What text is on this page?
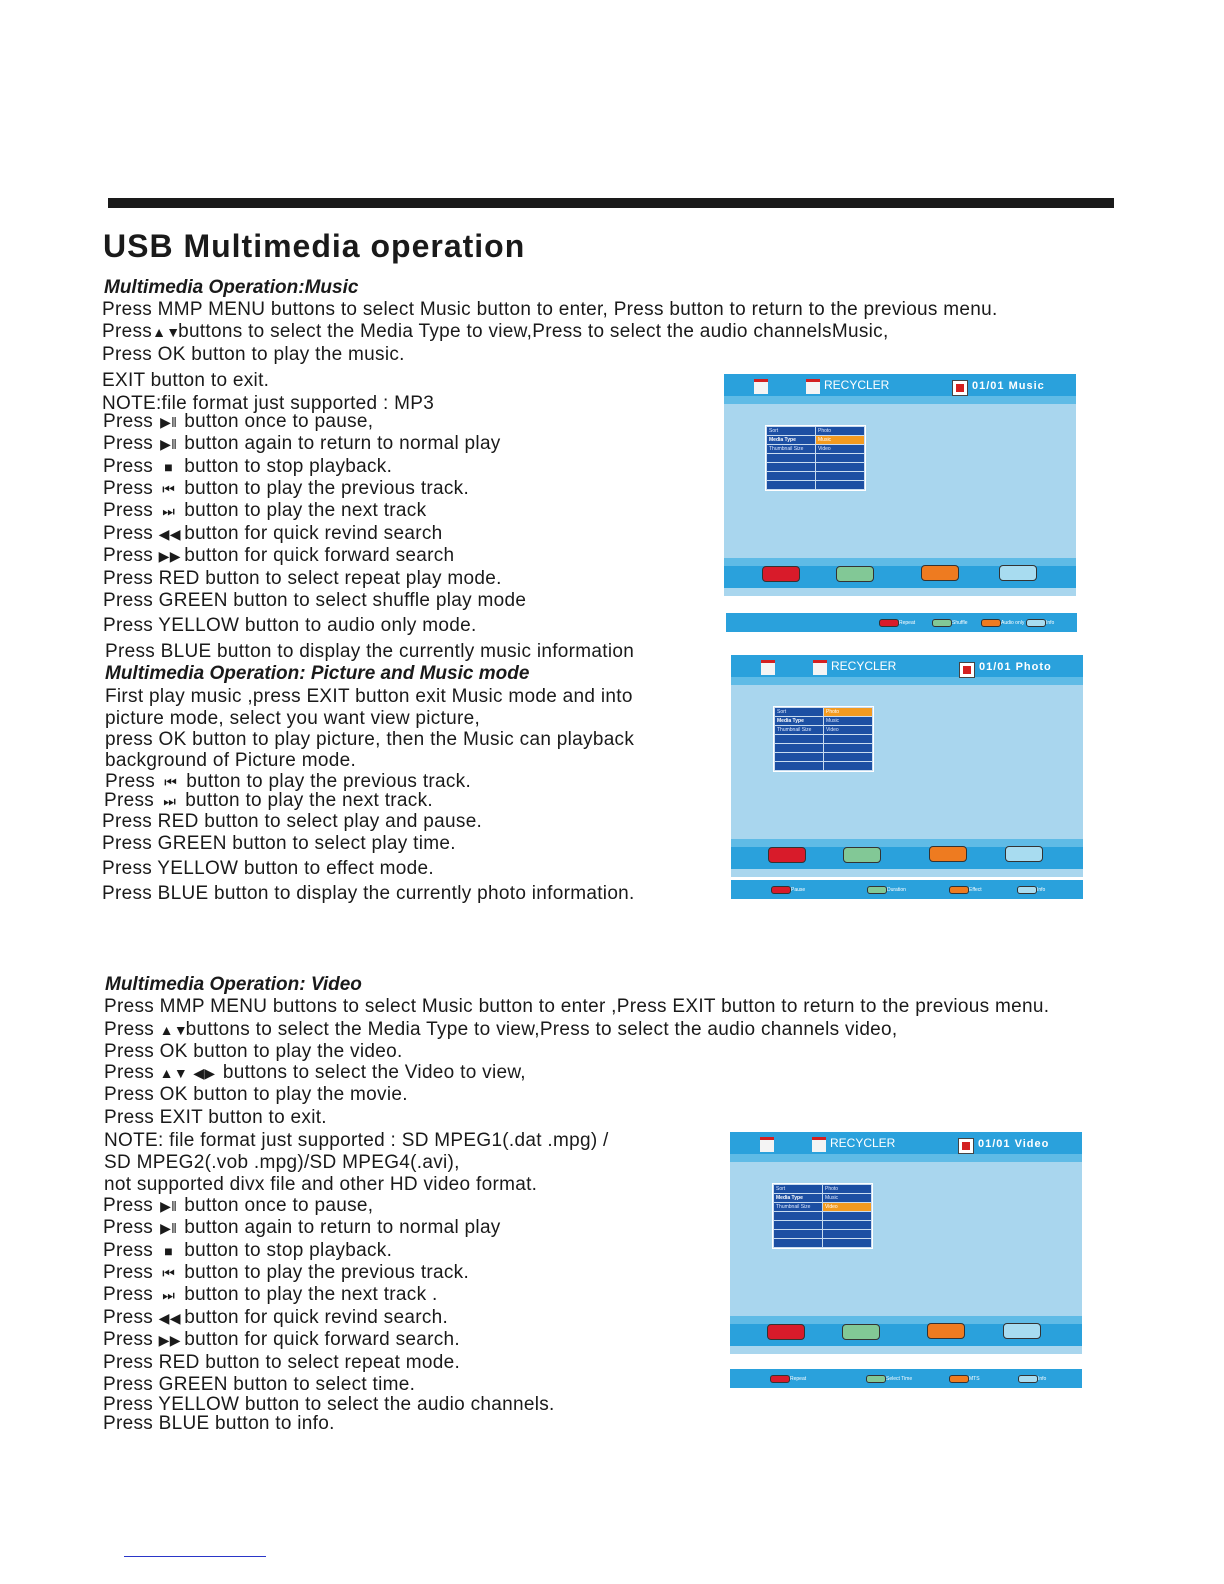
USB Multimedia operation
Multimedia Operation:Music
Press MMP MENU buttons to select Music button to enter, Press button to return to the previous menu.
Press▲▼buttons to select the Media Type to view,Press to select the audio channelsMusic,
Press OK button to play the music.
EXIT button to exit.
NOTE:file format just supported : MP3
Press ▶‖ button once to pause,
Press ▶‖ button again to return to normal play
Press ■ button to stop playback.
Press ⏮ button to play the previous track.
Press ⏭ button to play the next track
Press ◀◀ button for quick revind search
Press ▶▶ button for quick forward search
Press RED button to select repeat play mode.
Press GREEN button to select shuffle play mode
Press YELLOW button to audio only mode.
Press BLUE button to display the currently music information
Multimedia Operation: Picture and Music mode
First play music ,press EXIT button exit Music mode and into
picture mode, select you want view picture,
press OK button to play picture, then the Music can playback
background of Picture mode.
Press ⏮ button to play the previous track.
Press ⏭ button to play the next track.
Press RED button to select play and pause.
Press GREEN button to select play time.
Press YELLOW button to effect mode.
Press BLUE button to display the currently photo information.
Multimedia Operation: Video
Press MMP MENU buttons to select Music button to enter ,Press EXIT button to return to the previous menu.
Press ▲▼buttons to select the Media Type to view,Press to select the audio channels video,
Press OK button to play the video.
Press ▲▼ ◀▶ buttons to select the Video to view,
Press OK button to play the movie.
Press EXIT button to exit.
NOTE: file format just supported : SD MPEG1(.dat .mpg) /
SD MPEG2(.vob .mpg)/SD MPEG4(.avi),
not supported divx file and other HD video format.
Press ▶‖ button once to pause,
Press ▶‖ button again to return to normal play
Press ■ button to stop playback.
Press ⏮ button to play the previous track.
Press ⏭ button to play the next track .
Press ◀◀ button for quick revind search.
Press ▶▶ button for quick forward search.
Press RED button to select repeat mode.
Press GREEN button to select time.
Press YELLOW button to select the audio channels.
Press BLUE button to info.
RECYCLER	01/01 Music
Sort	Photo
Media Type	Music
Thumbnail Size	Video

Repeat	Shuffle	Audio only	Info
RECYCLER	01/01 Photo
Sort	Photo
Media Type	Music
Thumbnail Size	Video

Pause	Duration	Effect	Info
RECYCLER	01/01 Video
Sort	Photo
Media Type	Music
Thumbnail Size	Video

Repeat	Select Time	MTS	Info
